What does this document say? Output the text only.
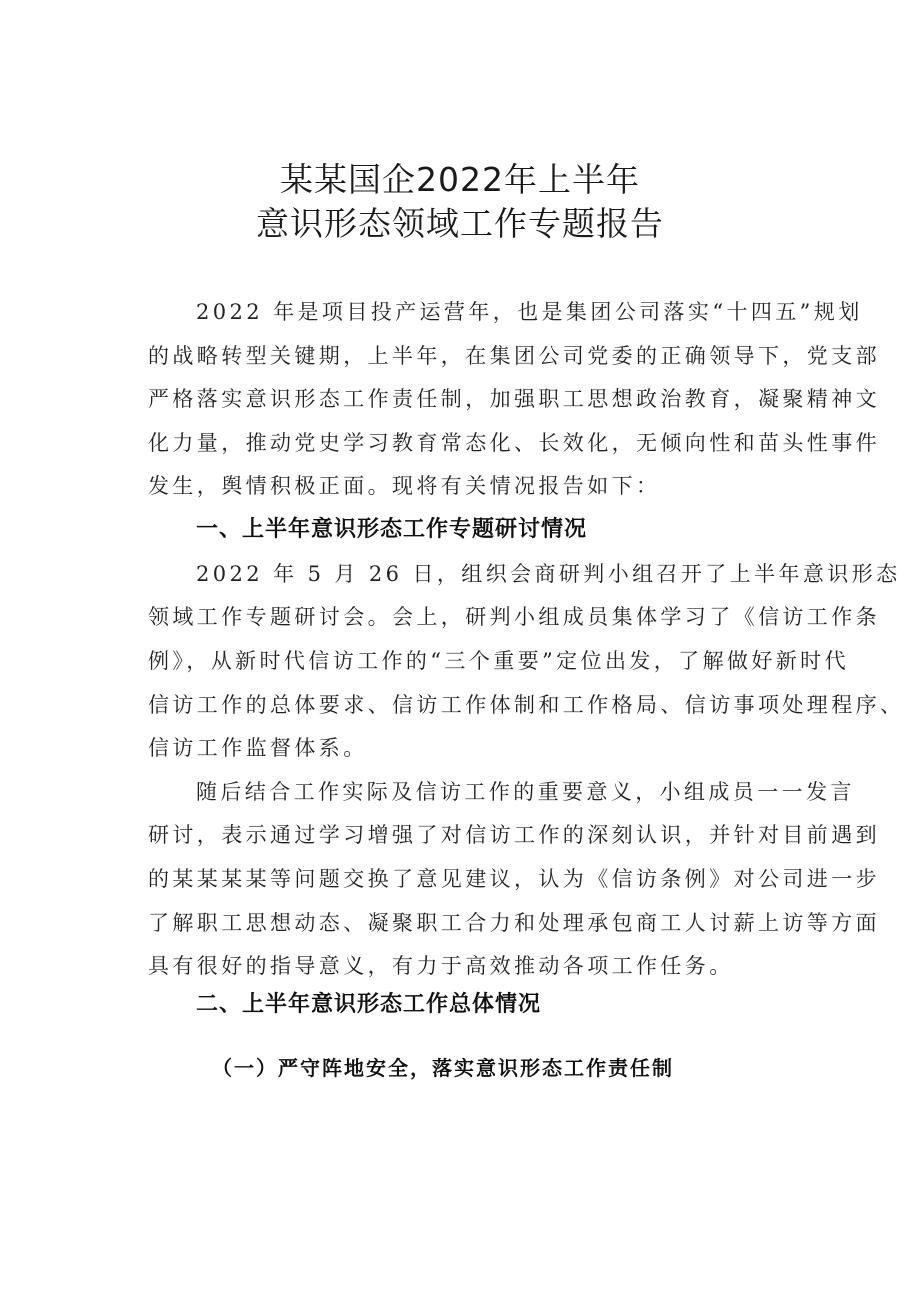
某某国企2022年上半年
意识形态领域工作专题报告
2022 年是项目投产运营年，也是集团公司落实“十四五”规划
的战略转型关键期，上半年，在集团公司党委的正确领导下，党支部
严格落实意识形态工作责任制，加强职工思想政治教育，凝聚精神文
化力量，推动党史学习教育常态化、长效化，无倾向性和苗头性事件
发生，舆情积极正面。现将有关情况报告如下：
一、上半年意识形态工作专题研讨情况
2022 年 5 月 26 日，组织会商研判小组召开了上半年意识形态
领域工作专题研讨会。会上，研判小组成员集体学习了《信访工作条
例》，从新时代信访工作的“三个重要”定位出发，了解做好新时代
信访工作的总体要求、信访工作体制和工作格局、信访事项处理程序、
信访工作监督体系。
随后结合工作实际及信访工作的重要意义，小组成员一一发言
研讨，表示通过学习增强了对信访工作的深刻认识，并针对目前遇到
的某某某某等问题交换了意见建议，认为《信访条例》对公司进一步
了解职工思想动态、凝聚职工合力和处理承包商工人讨薪上访等方面
具有很好的指导意义，有力于高效推动各项工作任务。
二、上半年意识形态工作总体情况
（一）严守阵地安全，落实意识形态工作责任制
